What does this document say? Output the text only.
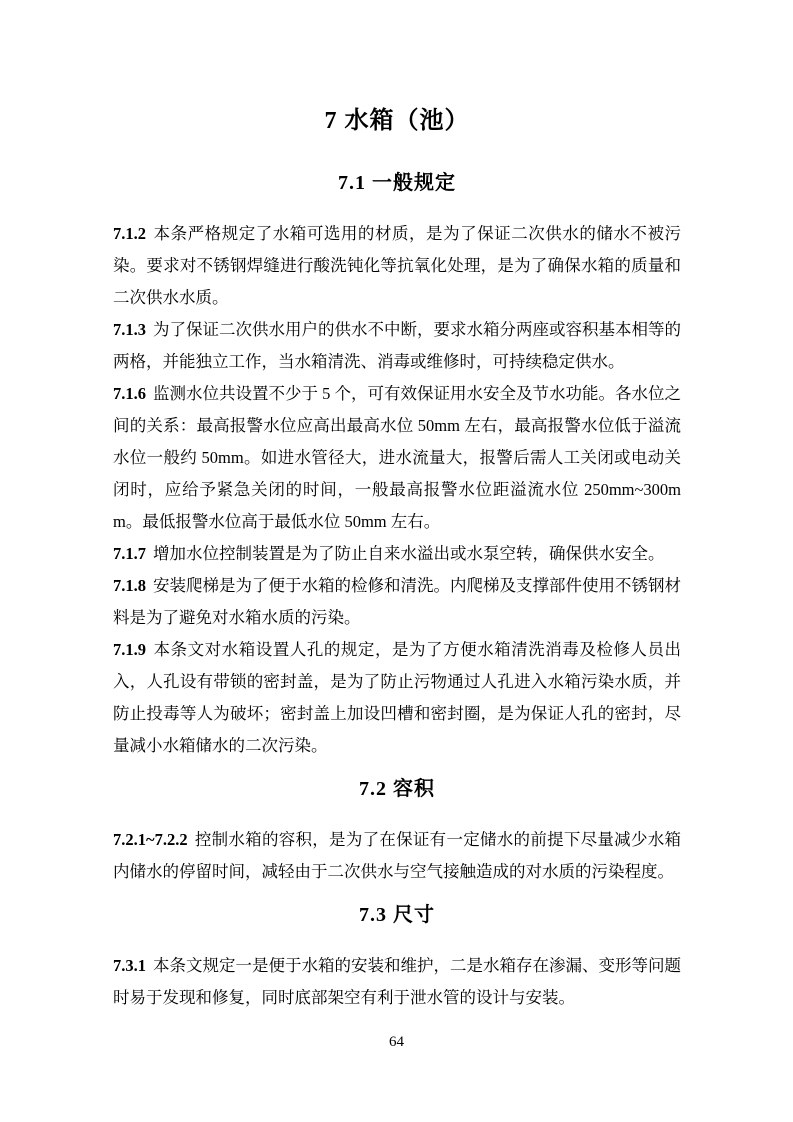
7 水箱（池）
7.1 一般规定

7.1.2 本条严格规定了水箱可选用的材质，是为了保证二次供水的储水不被污染。要求对不锈钢焊缝进行酸洗钝化等抗氧化处理，是为了确保水箱的质量和二次供水水质。

7.1.3 为了保证二次供水用户的供水不中断，要求水箱分两座或容积基本相等的两格，并能独立工作，当水箱清洗、消毒或维修时，可持续稳定供水。

7.1.6 监测水位共设置不少于 5 个，可有效保证用水安全及节水功能。各水位之间的关系：最高报警水位应高出最高水位 50mm 左右，最高报警水位低于溢流水位一般约 50mm。如进水管径大，进水流量大，报警后需人工关闭或电动关闭时，应给予紧急关闭的时间，一般最高报警水位距溢流水位 250mm~300mm。最低报警水位高于最低水位 50mm 左右。

7.1.7 增加水位控制装置是为了防止自来水溢出或水泵空转，确保供水安全。

7.1.8 安装爬梯是为了便于水箱的检修和清洗。内爬梯及支撑部件使用不锈钢材料是为了避免对水箱水质的污染。

7.1.9 本条文对水箱设置人孔的规定，是为了方便水箱清洗消毒及检修人员出入，人孔设有带锁的密封盖，是为了防止污物通过人孔进入水箱污染水质，并防止投毒等人为破坏；密封盖上加设凹槽和密封圈，是为保证人孔的密封，尽量减小水箱储水的二次污染。

7.2 容积

7.2.1~7.2.2 控制水箱的容积，是为了在保证有一定储水的前提下尽量减少水箱内储水的停留时间，减轻由于二次供水与空气接触造成的对水质的污染程度。

7.3 尺寸

7.3.1 本条文规定一是便于水箱的安装和维护，二是水箱存在渗漏、变形等问题时易于发现和修复，同时底部架空有利于泄水管的设计与安装。

64
